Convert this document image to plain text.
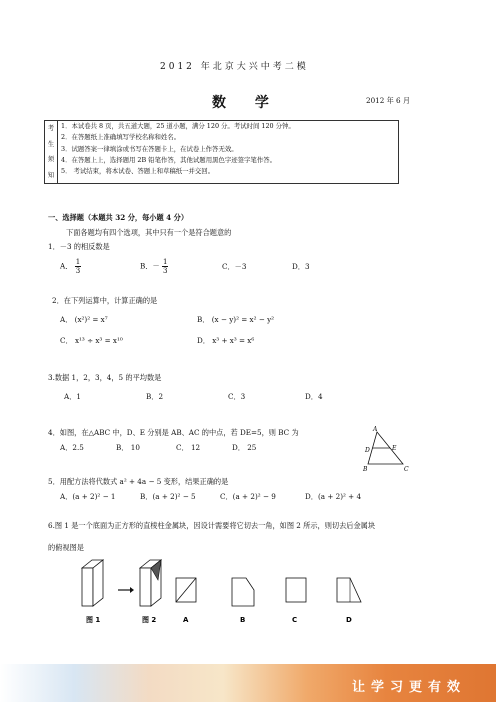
2012 年北京大兴中考二模
数 学	2012 年 6 月
考
生
须
知

1．本试卷共 8 页，共五道大题，25 道小题，满分 120 分。考试时间 120 分钟。
2．在答题纸上准确填写学校名称和姓名。
3．试题答案一律填涂或书写在答题卡上，在试卷上作答无效。
4．在答题上上，选择题用 2B 铅笔作答，其他试题用黑色字迹签字笔作答。
5． 考试结束，将本试卷、答题上和草稿纸一并交回。
一、选择题（本题共 32 分，每小题 4 分）
下面各题均有四个选项，其中只有一个是符合题意的
1．－3 的相反数是
A． $\frac{1}{3}$	B．－ $\frac{1}{3}$	C．－3	D．3
2．在下列运算中，计算正确的是
A． (x²)² = x⁷	B． (x − y)² = x² − y²
C． x¹³ ÷ x³ = x¹⁰	D． x³ + x³ = x⁶
3.数据 1，2，3，4，5 的平均数是
A．1	B．2	C．3	D．4
4．如图，在△ABC 中，D、E 分别是 AB、AC 的中点，若 DE=5，则 BC 为
A．2.5	B． 10	C． 12	D． 25
A
D	E
B	C
5．用配方法将代数式 a² + 4a − 5 变形，结果正确的是
A．(a + 2)² − 1	B．(a + 2)² − 5	C．(a + 2)² − 9	D．(a + 2)² + 4
6.图 1 是一个底面为正方形的直棱柱金属块，因设计需要将它切去一角，如图 2 所示，则切去后金属块
的俯视图是
图 1	图 2	A	B	C	D
让学习更有效
